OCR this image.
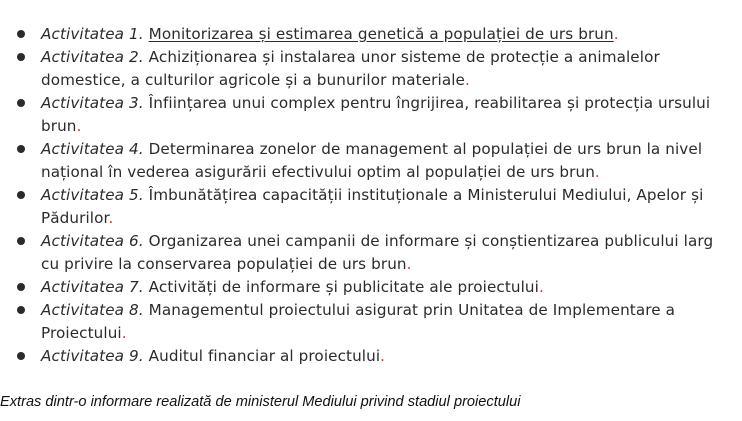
Activitatea 1. Monitorizarea și estimarea genetică a populației de urs brun.
Activitatea 2. Achiziționarea și instalarea unor sisteme de protecție a animalelor domestice, a culturilor agricole și a bunurilor materiale.
Activitatea 3. Înființarea unui complex pentru îngrijirea, reabilitarea și protecția ursului brun.
Activitatea 4. Determinarea zonelor de management al populației de urs brun la nivel național în vederea asigurării efectivului optim al populației de urs brun.
Activitatea 5. Îmbunătățirea capacității instituționale a Ministerului Mediului, Apelor și Pădurilor.
Activitatea 6. Organizarea unei campanii de informare și conștientizarea publicului larg cu privire la conservarea populației de urs brun.
Activitatea 7. Activități de informare și publicitate ale proiectului.
Activitatea 8. Managementul proiectului asigurat prin Unitatea de Implementare a Proiectului.
Activitatea 9. Auditul financiar al proiectului.
Extras dintr-o informare realizată de ministerul Mediului privind stadiul proiectului
